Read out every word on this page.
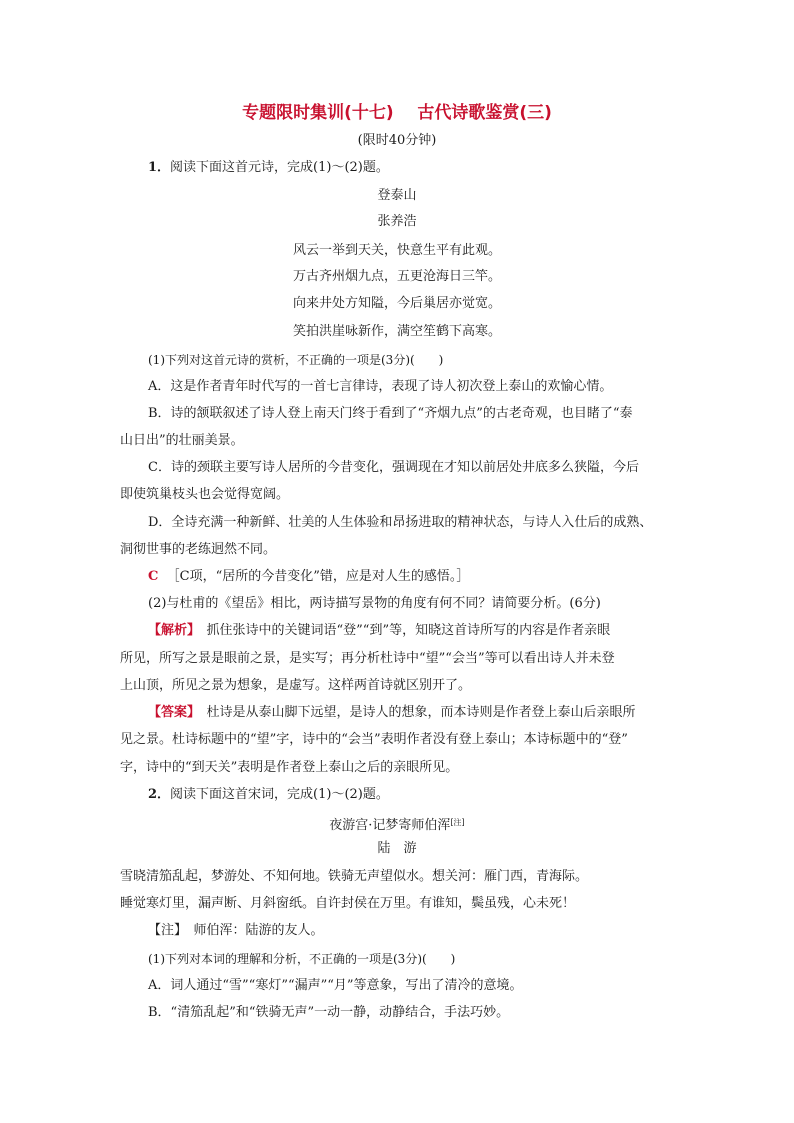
专题限时集训(十七)    古代诗歌鉴赏(三)
(限时40分钟)
1．阅读下面这首元诗，完成(1)～(2)题。
登泰山
张养浩
风云一举到天关，快意生平有此观。
万古齐州烟九点，五更沧海日三竿。
向来井处方知隘，今后巢居亦觉宽。
笑拍洪崖咏新作，满空笙鹤下高寒。
(1)下列对这首元诗的赏析，不正确的一项是(3分)(　　)
A．这是作者青年时代写的一首七言律诗，表现了诗人初次登上泰山的欢愉心情。
B．诗的颔联叙述了诗人登上南天门终于看到了“齐烟九点”的古老奇观，也目睹了“泰
山日出”的壮丽美景。
C．诗的颈联主要写诗人居所的今昔变化，强调现在才知以前居处井底多么狭隘，今后
即使筑巢枝头也会觉得宽阔。
D．全诗充满一种新鲜、壮美的人生体验和昂扬进取的精神状态，与诗人入仕后的成熟、
洞彻世事的老练迥然不同。
C ［C项，“居所的今昔变化”错，应是对人生的感悟。］
(2)与杜甫的《望岳》相比，两诗描写景物的角度有何不同？请简要分析。(6分)
【解析】　抓住张诗中的关键词语“登”“到”等，知晓这首诗所写的内容是作者亲眼
所见，所写之景是眼前之景，是实写；再分析杜诗中“望”“会当”等可以看出诗人并未登
上山顶，所见之景为想象，是虚写。这样两首诗就区别开了。
【答案】　杜诗是从泰山脚下远望，是诗人的想象，而本诗则是作者登上泰山后亲眼所
见之景。杜诗标题中的“望”字，诗中的“会当”表明作者没有登上泰山；本诗标题中的“登”
字，诗中的“到天关”表明是作者登上泰山之后的亲眼所见。
2．阅读下面这首宋词，完成(1)～(2)题。
夜游宫·记梦寄师伯浑[注]
陆　游
雪晓清笳乱起，梦游处、不知何地。铁骑无声望似水。想关河：雁门西，青海际。
睡觉寒灯里，漏声断、月斜窗纸。自许封侯在万里。有谁知，鬓虽残，心未死！
【注】　师伯浑：陆游的友人。
(1)下列对本词的理解和分析，不正确的一项是(3分)(　　)
A．词人通过“雪”“寒灯”“漏声”“月”等意象，写出了清冷的意境。
B．“清笳乱起”和“铁骑无声”一动一静，动静结合，手法巧妙。
